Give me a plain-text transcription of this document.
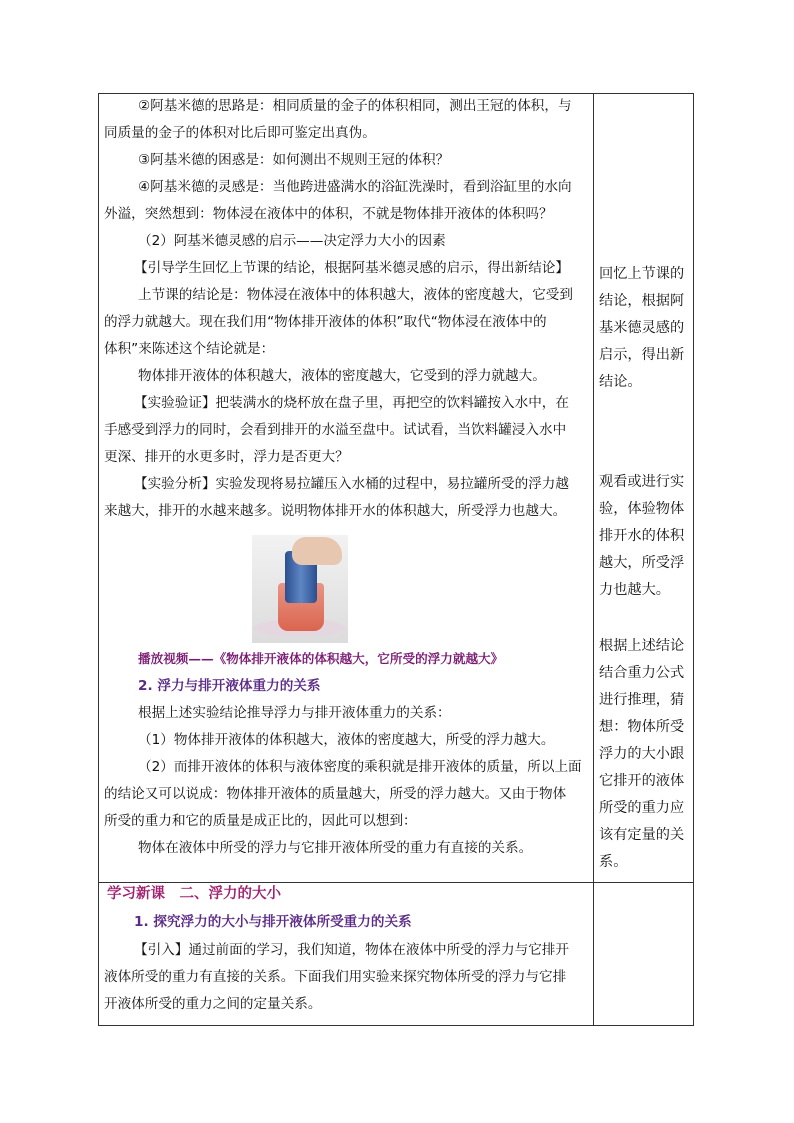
②阿基米德的思路是：相同质量的金子的体积相同，测出王冠的体积，与
同质量的金子的体积对比后即可鉴定出真伪。
③阿基米德的困惑是：如何测出不规则王冠的体积？
④阿基米德的灵感是：当他跨进盛满水的浴缸洗澡时，看到浴缸里的水向
外溢，突然想到：物体浸在液体中的体积，不就是物体排开液体的体积吗？
（2）阿基米德灵感的启示——决定浮力大小的因素
【引导学生回忆上节课的结论，根据阿基米德灵感的启示，得出新结论】
上节课的结论是：物体浸在液体中的体积越大，液体的密度越大，它受到
的浮力就越大。现在我们用“物体排开液体的体积”取代“物体浸在液体中的
体积”来陈述这个结论就是：
物体排开液体的体积越大，液体的密度越大，它受到的浮力就越大。
【实验验证】把装满水的烧杯放在盘子里，再把空的饮料罐按入水中，在
手感受到浮力的同时，会看到排开的水溢至盘中。试试看，当饮料罐浸入水中
更深、排开的水更多时，浮力是否更大？
【实验分析】实验发现将易拉罐压入水桶的过程中，易拉罐所受的浮力越
来越大，排开的水越来越多。说明物体排开水的体积越大，所受浮力也越大。
播放视频——《物体排开液体的体积越大，它所受的浮力就越大》
2. 浮力与排开液体重力的关系
根据上述实验结论推导浮力与排开液体重力的关系：
（1）物体排开液体的体积越大，液体的密度越大，所受的浮力越大。
（2）而排开液体的体积与液体密度的乘积就是排开液体的质量，所以上面
的结论又可以说成：物体排开液体的质量越大，所受的浮力越大。又由于物体
所受的重力和它的质量是成正比的，因此可以想到：
物体在液体中所受的浮力与它排开液体所受的重力有直接的关系。
回忆上节课的
结论，根据阿
基米德灵感的
启示，得出新
结论。
观看或进行实
验，体验物体
排开水的体积
越大，所受浮
力也越大。
根据上述结论
结合重力公式
进行推理，猜
想：物体所受
浮力的大小跟
它排开的液体
所受的重力应
该有定量的关
系。
学习新课　二、浮力的大小
1. 探究浮力的大小与排开液体所受重力的关系
【引入】通过前面的学习，我们知道，物体在液体中所受的浮力与它排开
液体所受的重力有直接的关系。下面我们用实验来探究物体所受的浮力与它排
开液体所受的重力之间的定量关系。
